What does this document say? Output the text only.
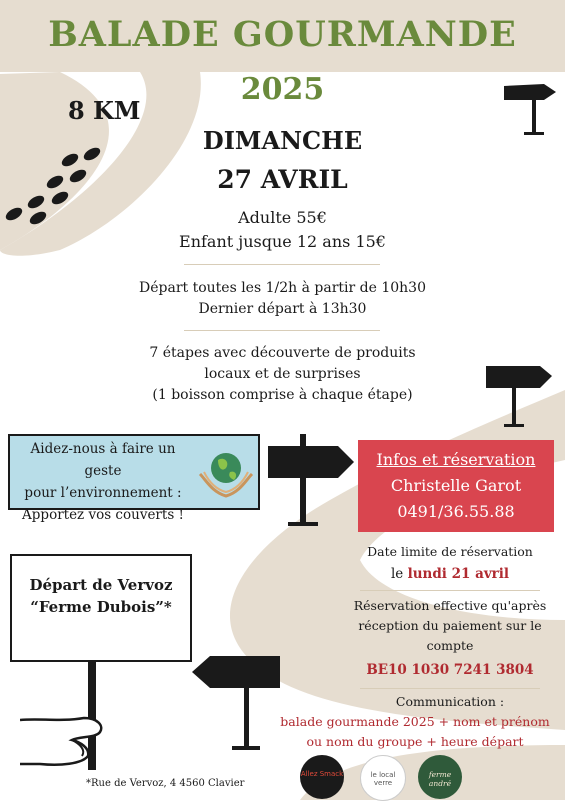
BALADE GOURMANDE
2025
8 KM
DIMANCHE
27 AVRIL
Adulte 55€
Enfant jusque 12 ans 15€
Départ toutes les 1/2h à partir de 10h30
Dernier départ à 13h30
7 étapes avec découverte de produits
locaux et de surprises
(1 boisson comprise à chaque étape)
Aidez-nous à faire un geste
pour l’environnement :
Apportez vos couverts !
Infos et réservation
Christelle Garot
0491/36.55.88
Date limite de réservation
le lundi 21 avril
Réservation effective qu'après
réception du paiement sur le
compte
BE10 1030 7241 3804
Communication :
balade gourmande 2025 + nom et prénom
ou nom du groupe + heure départ
Départ de Vervoz
“Ferme Dubois”*
*Rue de Vervoz, 4 4560 Clavier
Allez Smack	le local verre
ferme andré
